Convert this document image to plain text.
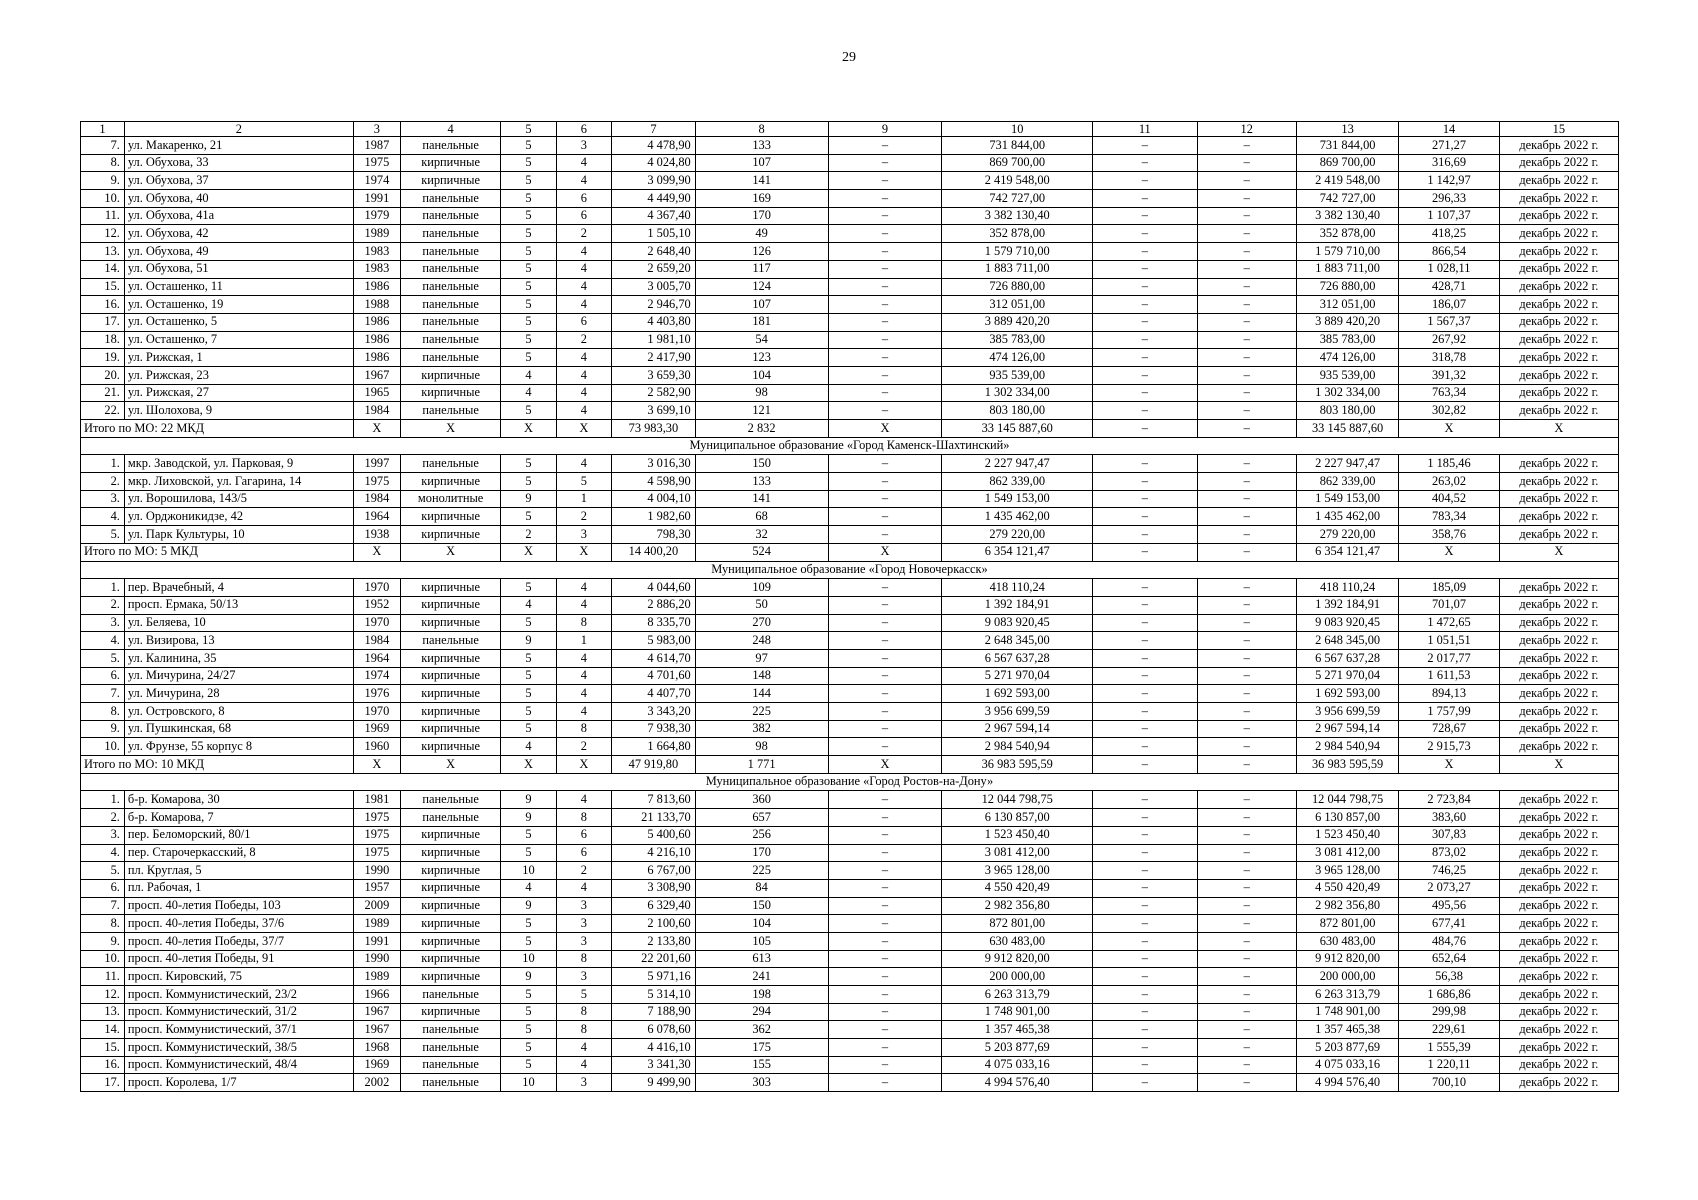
29
1	2	3	4	5	6	7	8	9	10	11	12	13	14	15
7.	ул. Макаренко, 21	1987	панельные	5	3	4 478,90	133	–	731 844,00	–	–	731 844,00	271,27	декабрь 2022 г.
8.	ул. Обухова, 33	1975	кирпичные	5	4	4 024,80	107	–	869 700,00	–	–	869 700,00	316,69	декабрь 2022 г.
9.	ул. Обухова, 37	1974	кирпичные	5	4	3 099,90	141	–	2 419 548,00	–	–	2 419 548,00	1 142,97	декабрь 2022 г.
10.	ул. Обухова, 40	1991	панельные	5	6	4 449,90	169	–	742 727,00	–	–	742 727,00	296,33	декабрь 2022 г.
11.	ул. Обухова, 41а	1979	панельные	5	6	4 367,40	170	–	3 382 130,40	–	–	3 382 130,40	1 107,37	декабрь 2022 г.
12.	ул. Обухова, 42	1989	панельные	5	2	1 505,10	49	–	352 878,00	–	–	352 878,00	418,25	декабрь 2022 г.
13.	ул. Обухова, 49	1983	панельные	5	4	2 648,40	126	–	1 579 710,00	–	–	1 579 710,00	866,54	декабрь 2022 г.
14.	ул. Обухова, 51	1983	панельные	5	4	2 659,20	117	–	1 883 711,00	–	–	1 883 711,00	1 028,11	декабрь 2022 г.
15.	ул. Осташенко, 11	1986	панельные	5	4	3 005,70	124	–	726 880,00	–	–	726 880,00	428,71	декабрь 2022 г.
16.	ул. Осташенко, 19	1988	панельные	5	4	2 946,70	107	–	312 051,00	–	–	312 051,00	186,07	декабрь 2022 г.
17.	ул. Осташенко, 5	1986	панельные	5	6	4 403,80	181	–	3 889 420,20	–	–	3 889 420,20	1 567,37	декабрь 2022 г.
18.	ул. Осташенко, 7	1986	панельные	5	2	1 981,10	54	–	385 783,00	–	–	385 783,00	267,92	декабрь 2022 г.
19.	ул. Рижская, 1	1986	панельные	5	4	2 417,90	123	–	474 126,00	–	–	474 126,00	318,78	декабрь 2022 г.
20.	ул. Рижская, 23	1967	кирпичные	4	4	3 659,30	104	–	935 539,00	–	–	935 539,00	391,32	декабрь 2022 г.
21.	ул. Рижская, 27	1965	кирпичные	4	4	2 582,90	98	–	1 302 334,00	–	–	1 302 334,00	763,34	декабрь 2022 г.
22.	ул. Шолохова, 9	1984	панельные	5	4	3 699,10	121	–	803 180,00	–	–	803 180,00	302,82	декабрь 2022 г.
Итого по МО: 22 МКД		X	X	X	X	73 983,30	2 832	X	33 145 887,60	–	–	33 145 887,60	X	X
Муниципальное образование «Город Каменск-Шахтинский»														
1.	мкр. Заводской, ул. Парковая, 9	1997	панельные	5	4	3 016,30	150	–	2 227 947,47	–	–	2 227 947,47	1 185,46	декабрь 2022 г.
2.	мкр. Лиховской, ул. Гагарина, 14	1975	кирпичные	5	5	4 598,90	133	–	862 339,00	–	–	862 339,00	263,02	декабрь 2022 г.
3.	ул. Ворошилова, 143/5	1984	монолитные	9	1	4 004,10	141	–	1 549 153,00	–	–	1 549 153,00	404,52	декабрь 2022 г.
4.	ул. Орджоникидзе, 42	1964	кирпичные	5	2	1 982,60	68	–	1 435 462,00	–	–	1 435 462,00	783,34	декабрь 2022 г.
5.	ул. Парк Культуры, 10	1938	кирпичные	2	3	798,30	32	–	279 220,00	–	–	279 220,00	358,76	декабрь 2022 г.
Итого по МО: 5 МКД		X	X	X	X	14 400,20	524	X	6 354 121,47	–	–	6 354 121,47	X	X
Муниципальное образование «Город Новочеркасск»														
1.	пер. Врачебный, 4	1970	кирпичные	5	4	4 044,60	109	–	418 110,24	–	–	418 110,24	185,09	декабрь 2022 г.
2.	просп. Ермака, 50/13	1952	кирпичные	4	4	2 886,20	50	–	1 392 184,91	–	–	1 392 184,91	701,07	декабрь 2022 г.
3.	ул. Беляева, 10	1970	кирпичные	5	8	8 335,70	270	–	9 083 920,45	–	–	9 083 920,45	1 472,65	декабрь 2022 г.
4.	ул. Визирова, 13	1984	панельные	9	1	5 983,00	248	–	2 648 345,00	–	–	2 648 345,00	1 051,51	декабрь 2022 г.
5.	ул. Калинина, 35	1964	кирпичные	5	4	4 614,70	97	–	6 567 637,28	–	–	6 567 637,28	2 017,77	декабрь 2022 г.
6.	ул. Мичурина, 24/27	1974	кирпичные	5	4	4 701,60	148	–	5 271 970,04	–	–	5 271 970,04	1 611,53	декабрь 2022 г.
7.	ул. Мичурина, 28	1976	кирпичные	5	4	4 407,70	144	–	1 692 593,00	–	–	1 692 593,00	894,13	декабрь 2022 г.
8.	ул. Островского, 8	1970	кирпичные	5	4	3 343,20	225	–	3 956 699,59	–	–	3 956 699,59	1 757,99	декабрь 2022 г.
9.	ул. Пушкинская, 68	1969	кирпичные	5	8	7 938,30	382	–	2 967 594,14	–	–	2 967 594,14	728,67	декабрь 2022 г.
10.	ул. Фрунзе, 55 корпус 8	1960	кирпичные	4	2	1 664,80	98	–	2 984 540,94	–	–	2 984 540,94	2 915,73	декабрь 2022 г.
Итого по МО: 10 МКД		X	X	X	X	47 919,80	1 771	X	36 983 595,59	–	–	36 983 595,59	X	X
Муниципальное образование «Город Ростов-на-Дону»														
1.	б-р. Комарова, 30	1981	панельные	9	4	7 813,60	360	–	12 044 798,75	–	–	12 044 798,75	2 723,84	декабрь 2022 г.
2.	б-р. Комарова, 7	1975	панельные	9	8	21 133,70	657	–	6 130 857,00	–	–	6 130 857,00	383,60	декабрь 2022 г.
3.	пер. Беломорский, 80/1	1975	кирпичные	5	6	5 400,60	256	–	1 523 450,40	–	–	1 523 450,40	307,83	декабрь 2022 г.
4.	пер. Старочеркасский, 8	1975	кирпичные	5	6	4 216,10	170	–	3 081 412,00	–	–	3 081 412,00	873,02	декабрь 2022 г.
5.	пл. Круглая, 5	1990	кирпичные	10	2	6 767,00	225	–	3 965 128,00	–	–	3 965 128,00	746,25	декабрь 2022 г.
6.	пл. Рабочая, 1	1957	кирпичные	4	4	3 308,90	84	–	4 550 420,49	–	–	4 550 420,49	2 073,27	декабрь 2022 г.
7.	просп. 40-летия Победы, 103	2009	кирпичные	9	3	6 329,40	150	–	2 982 356,80	–	–	2 982 356,80	495,56	декабрь 2022 г.
8.	просп. 40-летия Победы, 37/6	1989	кирпичные	5	3	2 100,60	104	–	872 801,00	–	–	872 801,00	677,41	декабрь 2022 г.
9.	просп. 40-летия Победы, 37/7	1991	кирпичные	5	3	2 133,80	105	–	630 483,00	–	–	630 483,00	484,76	декабрь 2022 г.
10.	просп. 40-летия Победы, 91	1990	кирпичные	10	8	22 201,60	613	–	9 912 820,00	–	–	9 912 820,00	652,64	декабрь 2022 г.
11.	просп. Кировский, 75	1989	кирпичные	9	3	5 971,16	241	–	200 000,00	–	–	200 000,00	56,38	декабрь 2022 г.
12.	просп. Коммунистический, 23/2	1966	панельные	5	5	5 314,10	198	–	6 263 313,79	–	–	6 263 313,79	1 686,86	декабрь 2022 г.
13.	просп. Коммунистический, 31/2	1967	кирпичные	5	8	7 188,90	294	–	1 748 901,00	–	–	1 748 901,00	299,98	декабрь 2022 г.
14.	просп. Коммунистический, 37/1	1967	панельные	5	8	6 078,60	362	–	1 357 465,38	–	–	1 357 465,38	229,61	декабрь 2022 г.
15.	просп. Коммунистический, 38/5	1968	панельные	5	4	4 416,10	175	–	5 203 877,69	–	–	5 203 877,69	1 555,39	декабрь 2022 г.
16.	просп. Коммунистический, 48/4	1969	панельные	5	4	3 341,30	155	–	4 075 033,16	–	–	4 075 033,16	1 220,11	декабрь 2022 г.
17.	просп. Королева, 1/7	2002	панельные	10	3	9 499,90	303	–	4 994 576,40	–	–	4 994 576,40	700,10	декабрь 2022 г.
